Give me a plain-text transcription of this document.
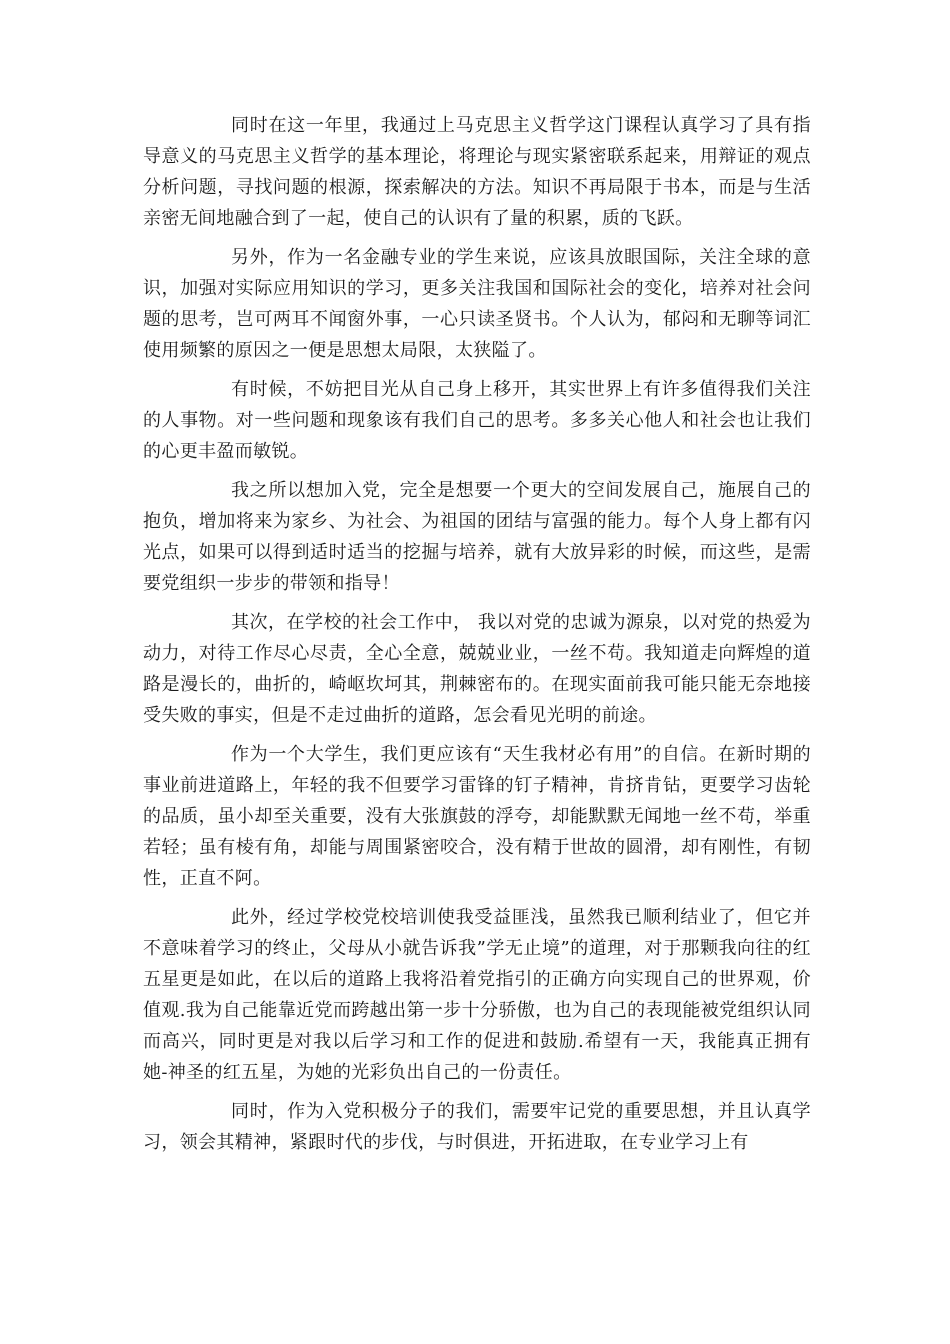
同时在这一年里，我通过上马克思主义哲学这门课程认真学习了具有指导意义的马克思主义哲学的基本理论，将理论与现实紧密联系起来，用辩证的观点分析问题，寻找问题的根源，探索解决的方法。知识不再局限于书本，而是与生活亲密无间地融合到了一起，使自己的认识有了量的积累，质的飞跃。

另外，作为一名金融专业的学生来说，应该具放眼国际，关注全球的意识，加强对实际应用知识的学习，更多关注我国和国际社会的变化，培养对社会问题的思考，岂可两耳不闻窗外事，一心只读圣贤书。个人认为，郁闷和无聊等词汇使用频繁的原因之一便是思想太局限，太狭隘了。

有时候，不妨把目光从自己身上移开，其实世界上有许多值得我们关注的人事物。对一些问题和现象该有我们自己的思考。多多关心他人和社会也让我们的心更丰盈而敏锐。

我之所以想加入党，完全是想要一个更大的空间发展自己，施展自己的抱负，增加将来为家乡、为社会、为祖国的团结与富强的能力。每个人身上都有闪光点，如果可以得到适时适当的挖掘与培养，就有大放异彩的时候，而这些，是需要党组织一步步的带领和指导！

其次，在学校的社会工作中， 我以对党的忠诚为源泉，以对党的热爱为动力，对待工作尽心尽责，全心全意，兢兢业业，一丝不苟。我知道走向辉煌的道路是漫长的，曲折的，崎岖坎坷其，荆棘密布的。在现实面前我可能只能无奈地接受失败的事实，但是不走过曲折的道路，怎会看见光明的前途。

作为一个大学生，我们更应该有“天生我材必有用”的自信。在新时期的事业前进道路上，年轻的我不但要学习雷锋的钉子精神，肯挤肯钻，更要学习齿轮的品质，虽小却至关重要，没有大张旗鼓的浮夸，却能默默无闻地一丝不苟，举重若轻；虽有棱有角，却能与周围紧密咬合，没有精于世故的圆滑，却有刚性，有韧性，正直不阿。

此外，经过学校党校培训使我受益匪浅，虽然我已顺利结业了，但它并不意味着学习的终止，父母从小就告诉我”学无止境”的道理，对于那颗我向往的红五星更是如此，在以后的道路上我将沿着党指引的正确方向实现自己的世界观，价值观.我为自己能靠近党而跨越出第一步十分骄傲，也为自己的表现能被党组织认同而高兴，同时更是对我以后学习和工作的促进和鼓励.希望有一天，我能真正拥有她-神圣的红五星，为她的光彩负出自己的一份责任。

同时，作为入党积极分子的我们，需要牢记党的重要思想，并且认真学习，领会其精神，紧跟时代的步伐，与时俱进，开拓进取，在专业学习上有
